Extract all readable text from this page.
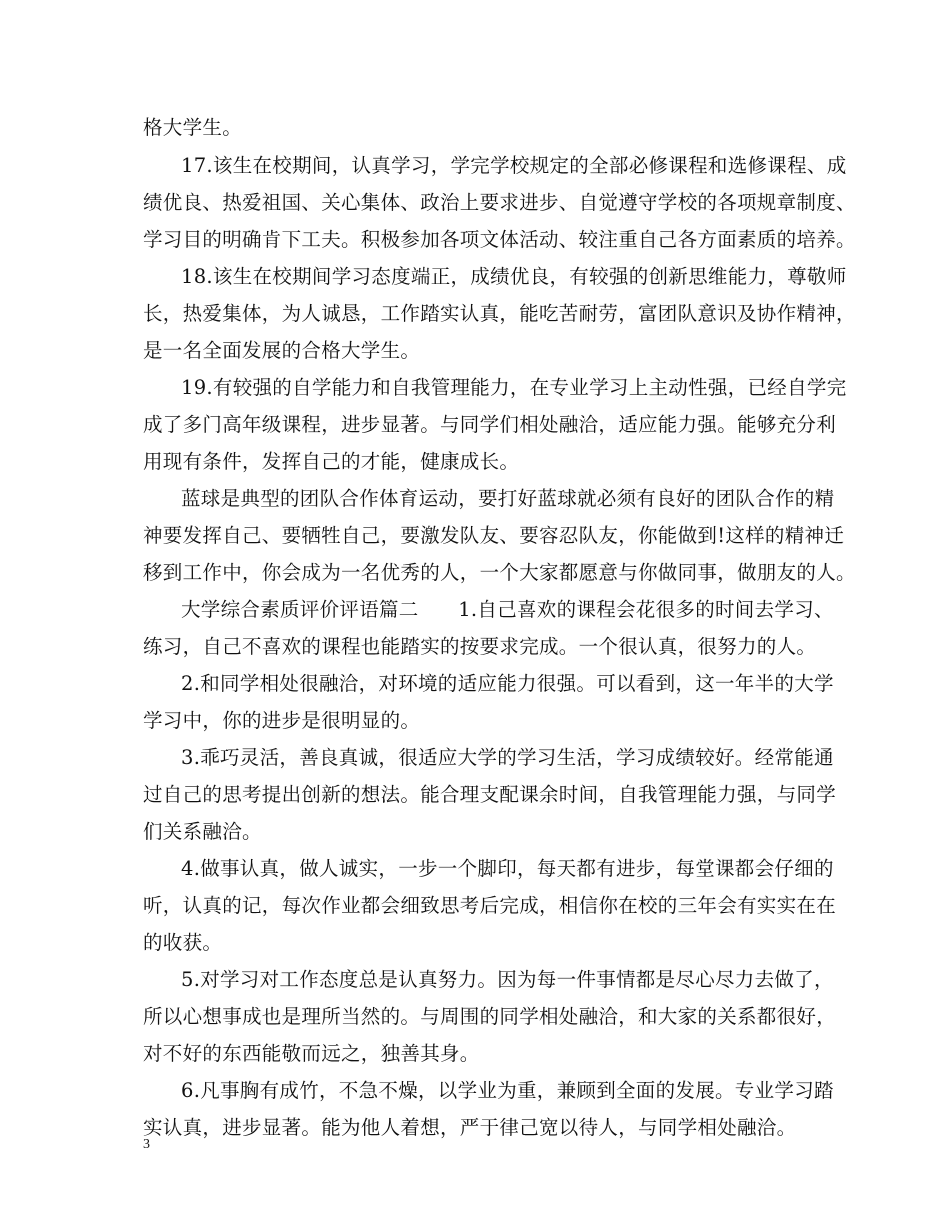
格大学生。
17.该生在校期间，认真学习，学完学校规定的全部必修课程和选修课程、成
绩优良、热爱祖国、关心集体、政治上要求进步、自觉遵守学校的各项规章制度、
学习目的明确肯下工夫。积极参加各项文体活动、较注重自己各方面素质的培养。
18.该生在校期间学习态度端正，成绩优良，有较强的创新思维能力，尊敬师
长，热爱集体，为人诚恳，工作踏实认真，能吃苦耐劳，富团队意识及协作精神，
是一名全面发展的合格大学生。
19.有较强的自学能力和自我管理能力，在专业学习上主动性强，已经自学完
成了多门高年级课程，进步显著。与同学们相处融洽，适应能力强。能够充分利
用现有条件，发挥自己的才能，健康成长。
蓝球是典型的团队合作体育运动，要打好蓝球就必须有良好的团队合作的精
神要发挥自己、要牺牲自己，要激发队友、要容忍队友，你能做到!这样的精神迁
移到工作中，你会成为一名优秀的人，一个大家都愿意与你做同事，做朋友的人。
大学综合素质评价评语篇二　　1.自己喜欢的课程会花很多的时间去学习、
练习，自己不喜欢的课程也能踏实的按要求完成。一个很认真，很努力的人。
2.和同学相处很融洽，对环境的适应能力很强。可以看到，这一年半的大学
学习中，你的进步是很明显的。
3.乖巧灵活，善良真诚，很适应大学的学习生活，学习成绩较好。经常能通
过自己的思考提出创新的想法。能合理支配课余时间，自我管理能力强，与同学
们关系融洽。
4.做事认真，做人诚实，一步一个脚印，每天都有进步，每堂课都会仔细的
听，认真的记，每次作业都会细致思考后完成，相信你在校的三年会有实实在在
的收获。
5.对学习对工作态度总是认真努力。因为每一件事情都是尽心尽力去做了，
所以心想事成也是理所当然的。与周围的同学相处融洽，和大家的关系都很好，
对不好的东西能敬而远之，独善其身。
6.凡事胸有成竹，不急不燥，以学业为重，兼顾到全面的发展。专业学习踏
实认真，进步显著。能为他人着想，严于律己宽以待人，与同学相处融洽。
3
